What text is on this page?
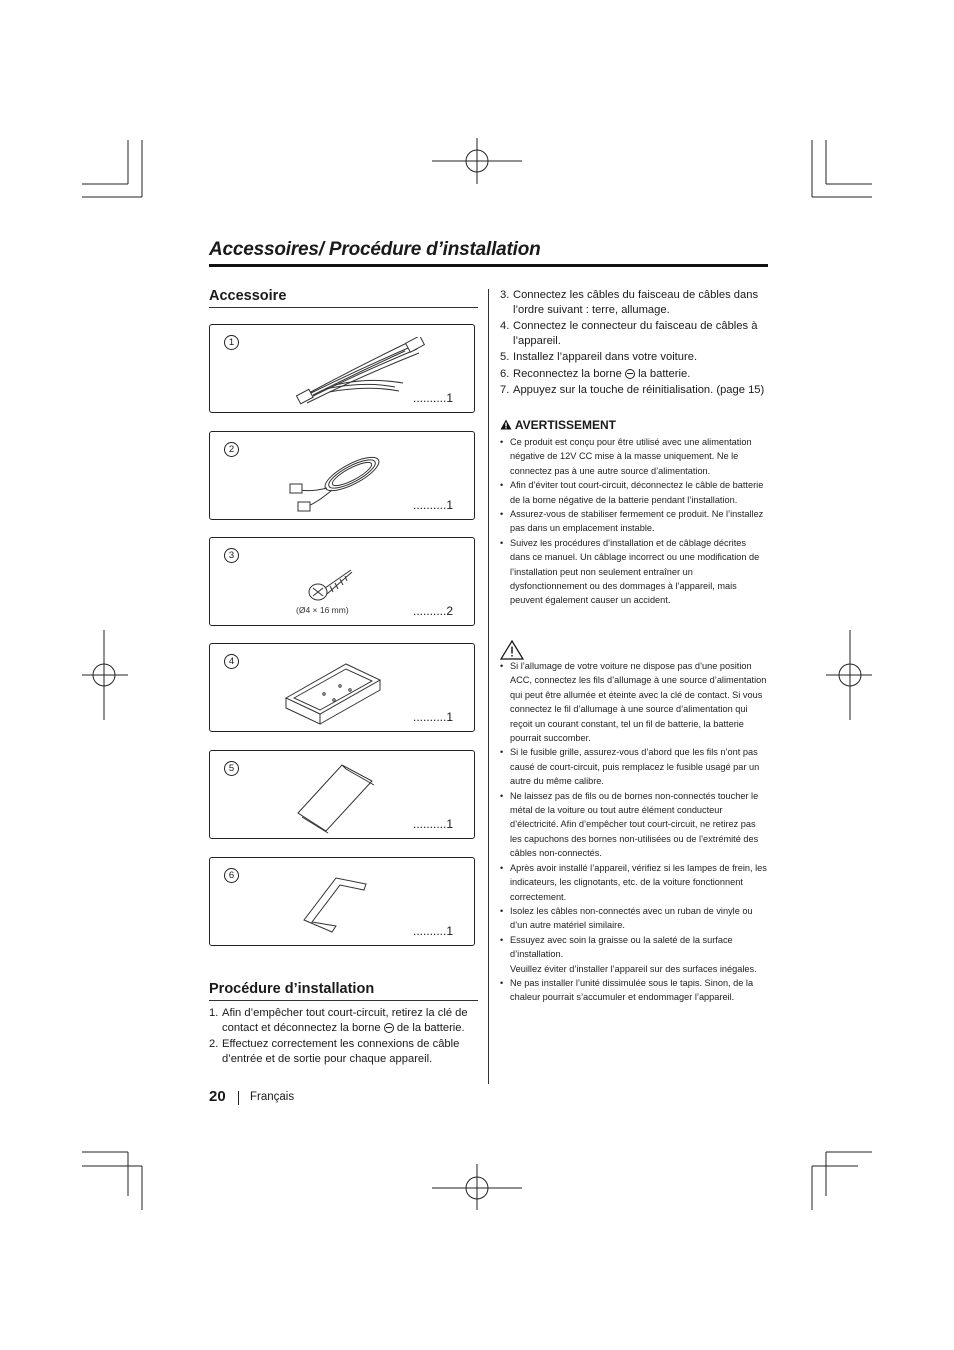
Accessoires/ Procédure d’installation
Accessoire
1
..........1
2
..........1
3
(Ø4 × 16 mm)	..........2
4
..........1
5
..........1
6
..........1
Procédure d’installation
1. Afin d’empêcher tout court-circuit, retirez la clé de contact et déconnectez la borne de la batterie.
2. Effectuez correctement les connexions de câble d’entrée et de sortie pour chaque appareil.
20 Français
3. Connectez les câbles du faisceau de câbles dans l’ordre suivant : terre, allumage.
4. Connectez le connecteur du faisceau de câbles à l’appareil.
5. Installez l’appareil dans votre voiture.
6. Reconnectez la borne la batterie.
7. Appuyez sur la touche de réinitialisation. (page 15)
AVERTISSEMENT
• Ce produit est conçu pour être utilisé avec une alimentation négative de 12V CC mise à la masse uniquement. Ne le connectez pas à une autre source d’alimentation.
• Afin d’éviter tout court-circuit, déconnectez le câble de batterie de la borne négative de la batterie pendant l’installation.
• Assurez-vous de stabiliser fermement ce produit. Ne l’installez pas dans un emplacement instable.
• Suivez les procédures d’installation et de câblage décrites dans ce manuel. Un câblage incorrect ou une modification de l’installation peut non seulement entraîner un dysfonctionnement ou des dommages à l’appareil, mais peuvent également causer un accident.
• Si l’allumage de votre voiture ne dispose pas d’une position ACC, connectez les fils d’allumage à une source d’alimentation qui peut être allumée et éteinte avec la clé de contact. Si vous connectez le fil d’allumage à une source d’alimentation qui reçoit un courant constant, tel un fil de batterie, la batterie pourrait succomber.
• Si le fusible grille, assurez-vous d’abord que les fils n’ont pas causé de court-circuit, puis remplacez le fusible usagé par un autre du même calibre.
• Ne laissez pas de fils ou de bornes non-connectés toucher le métal de la voiture ou tout autre élément conducteur d’électricité. Afin d’empêcher tout court-circuit, ne retirez pas les capuchons des bornes non-utilisées ou de l’extrémité des câbles non-connectés.
• Après avoir installé l’appareil, vérifiez si les lampes de frein, les indicateurs, les clignotants, etc. de la voiture fonctionnent correctement.
• Isolez les câbles non-connectés avec un ruban de vinyle ou d’un autre matériel similaire.
• Essuyez avec soin la graisse ou la saleté de la surface d’installation.
Veuillez éviter d’installer l’appareil sur des surfaces inégales.
• Ne pas installer l’unité dissimulée sous le tapis. Sinon, de la chaleur pourrait s’accumuler et endommager l’appareil.
